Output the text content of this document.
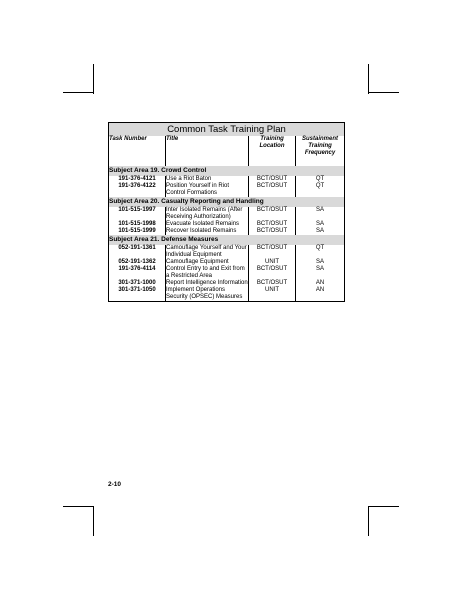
Common Task Training Plan			
Task Number	Title	Training Location	Sustainment Training Frequency
Subject Area 19. Crowd Control			
191-376-4121	Use a Riot Baton	BCT/OSUT	QT
191-376-4122	Position Yourself in Riot Control Formations	BCT/OSUT	QT
Subject Area 20. Casualty Reporting and Handling			
101-515-1997	Inter Isolated Remains (After Receiving Authorization)	BCT/OSUT	SA
101-515-1998	Evacuate Isolated Remains	BCT/OSUT	SA
101-515-1999	Recover Isolated Remains	BCT/OSUT	SA
Subject Area 21. Defense Measures			
052-191-1361	Camouflage Yourself and Your Individual Equipment	BCT/OSUT	QT
052-191-1362	Camouflage Equipment	UNIT	SA
191-376-4114	Control Entry to and Exit from a Restricted Area	BCT/OSUT	SA
301-371-1000	Report Intelligence Information	BCT/OSUT	AN
301-371-1050	Implement Operations Security (OPSEC) Measures	UNIT	AN
2-10
